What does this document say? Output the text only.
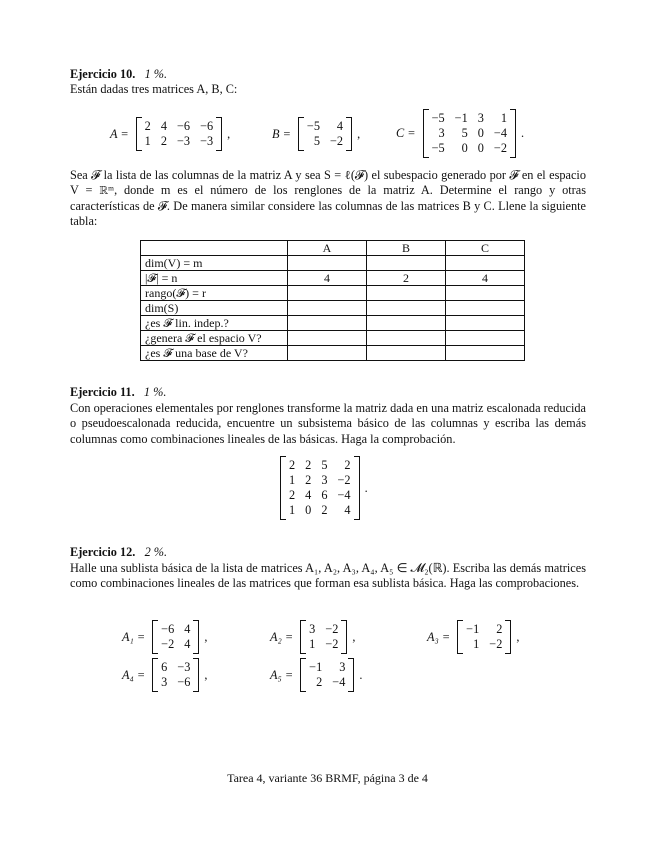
Ejercicio 10. 1 %.
Están dadas tres matrices A, B, C:
A =
2 4 −6 −6
1 2 −3 −3
,	B =
−5	4
5 −2
,	C =
−5 −1 3	1
3	5 0 −4
−5	0 0 −2
.
Sea 𝓕 la lista de las columnas de la matriz A y sea S = ℓ(𝓕) el subespacio generado por 𝓕 en el espacio V = ℝᵐ, donde m es el número de los renglones de la matriz A. Determine el rango y otras características de 𝓕. De manera similar considere las columnas de las matrices B y C. Llene la siguiente tabla:
	A	B	C
dim(V) = m			
|𝓕| = n	4	2	4
rango(𝓕) = r			
dim(S)			
¿es 𝓕 lin. indep.?			
¿genera 𝓕 el espacio V?			
¿es 𝓕 una base de V?			
Ejercicio 11. 1 %.
Con operaciones elementales por renglones transforme la matriz dada en una matriz escalonada reducida o pseudoescalonada reducida, encuentre un subsistema básico de las columnas y escriba las demás columnas como combinaciones lineales de las básicas. Haga la comprobación.
2 2 5	2
1 2 3 −2
2 4 6 −4
1 0 2	4
.
Ejercicio 12. 2 %.
Halle una sublista básica de la lista de matrices A₁, A₂, A₃, A₄, A₅ ∈ 𝓜₂(ℝ). Escriba las demás matrices como combinaciones lineales de las matrices que forman esa sublista básica. Haga las comprobaciones.
A₁ =
−6 4
−2 4
,	A₂ =
3 −2
1 −2
,	A₃ =
−1	2
1 −2
,
A₄ =
6 −3
3 −6
,	A₅ =
−1	3
2 −4
.
Tarea 4, variante 36 BRMF, página 3 de 4
